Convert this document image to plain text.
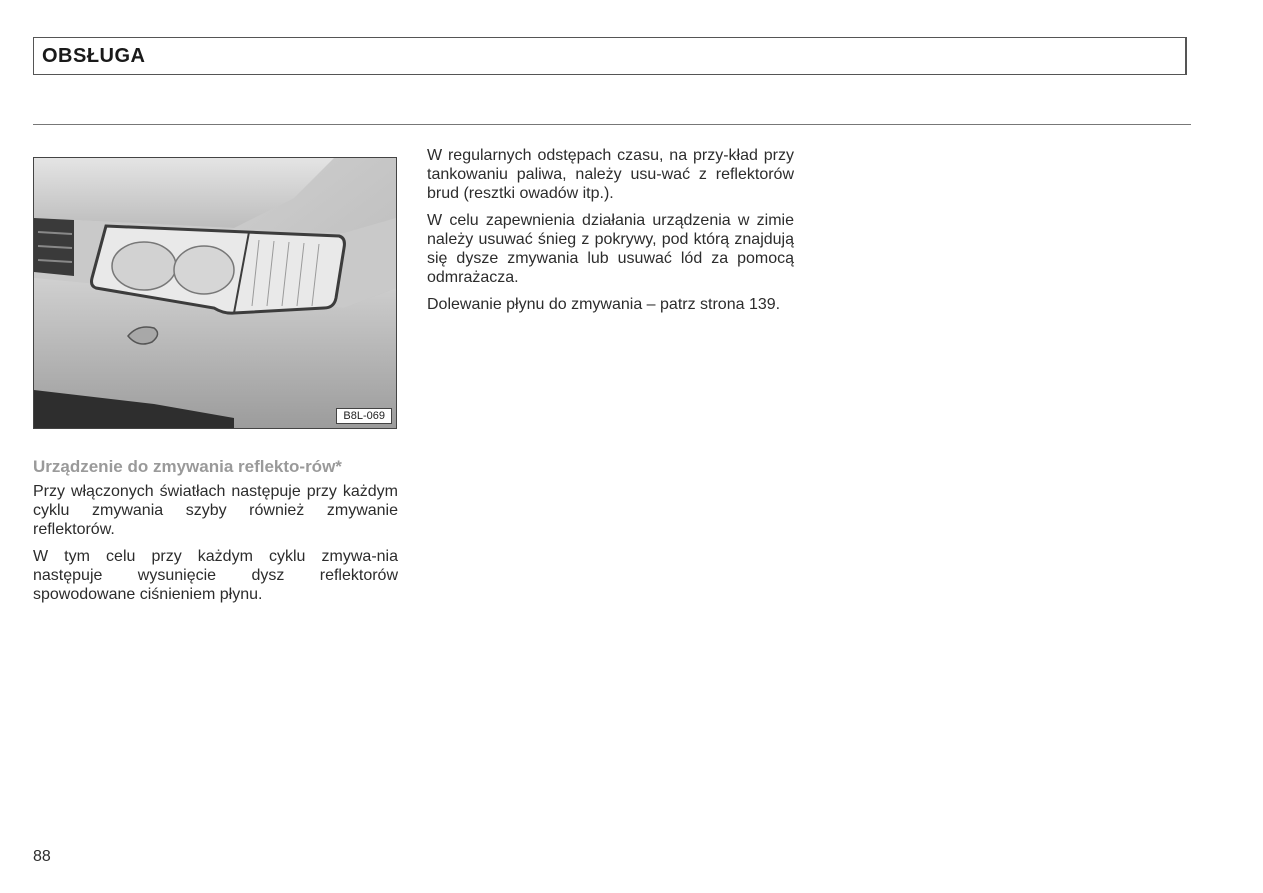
OBSŁUGA
B8L-069
Urządzenie do zmywania reflekto-rów*

Przy włączonych światłach następuje przy każdym cyklu zmywania szyby również zmywanie reflektorów.

W tym celu przy każdym cyklu zmywa-nia następuje wysunięcie dysz reflektorów spowodowane ciśnieniem płynu.

W regularnych odstępach czasu, na przy-kład przy tankowaniu paliwa, należy usu-wać z reflektorów brud (resztki owadów itp.).

W celu zapewnienia działania urządzenia w zimie należy usuwać śnieg z pokrywy, pod którą znajdują się dysze zmywania lub usuwać lód za pomocą odmrażacza.

Dolewanie płynu do zmywania – patrz strona 139.

88
